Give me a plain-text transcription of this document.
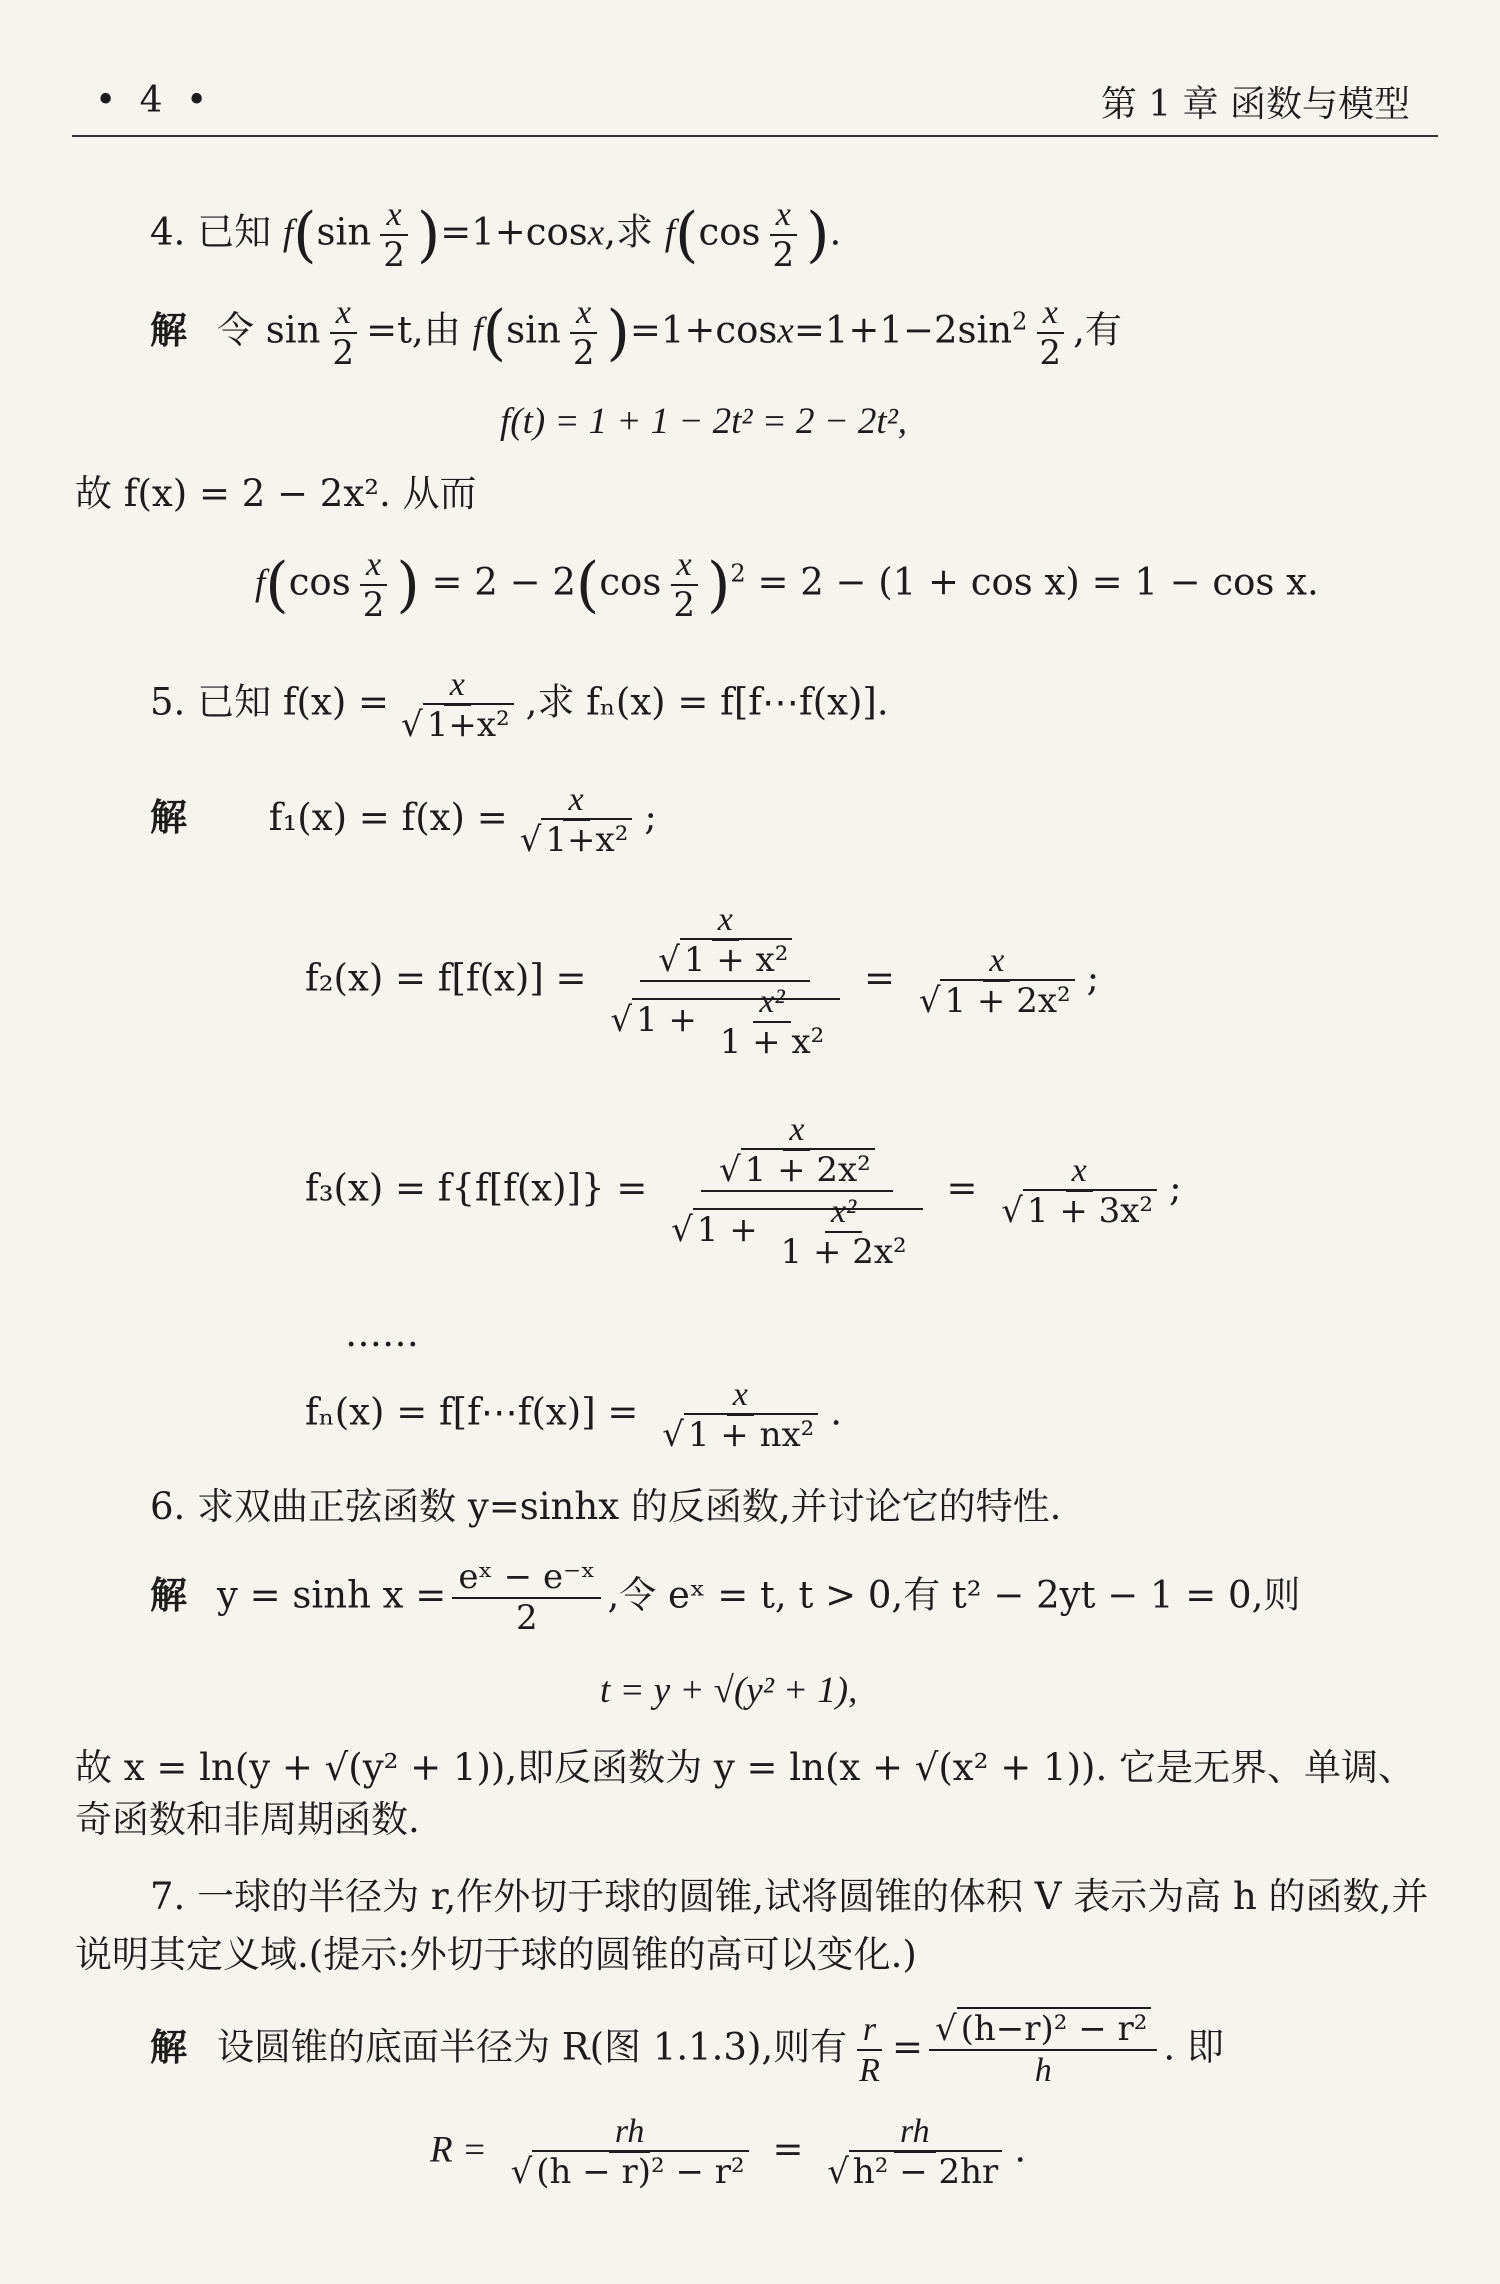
• 4 •	第 1 章 函数与模型
4. 已知 $f(\sin \frac{x}{2} )=1+\cos x$,求 $f(\cos \frac{x}{2}$ ).
解 令 $\sin \frac{x}{2} =t$,由 $f(\sin \frac{x}{2} )=1+\cos x=1+1-2\sin^2 \frac{x}{2}$ ,有
f(t) = 1 + 1 − 2t² = 2 − 2t²,
故 f(x) = 2 − 2x². 从而
$f(\cos \frac{x}{2}$ ) = $2 - 2(\cos \frac{x}{2} )^2 = 2 - (1 + \cos x) = 1 - \cos x$.
5. 已知 $f(x) = \frac{x}{\text{√ 1+x²}}$ ,求 fₙ(x) = f[f⋯f(x)].
解 $f_1(x) = f(x) = \frac{x}{\text{√ 1+x²}}$ ;
$f_2(x) = f[f(x)] = \frac{\frac{x}{\text{√ 1 + x²}}}{√ 1 + \frac{\text{x²}}{\text{1 + x²}}} = \frac{x}{\text{√ 1 + 2x²}}$ ;
$f_3(x) = f\{f[f(x)]\} = \frac{\frac{x}{\text{√ 1 + 2x²}}}{√ 1 + \frac{\text{x²}}{\text{1 + 2x²}}} = \frac{x}{\text{√ 1 + 3x²}}$ ;
……
fₙ(x) = f[f⋯f(x)] = $\frac{x}{\text{√ 1 + nx²}}$ .
6. 求双曲正弦函数 y=sinhx 的反函数,并讨论它的特性.
解 $y = \sinh x = \frac{\text{eˣ − e⁻ˣ}}{2}$ ,令 eˣ = t, t > 0,有 t² − 2yt − 1 = 0,则
t = y + √(y² + 1),
故 x = ln(y + √(y² + 1)),即反函数为 y = ln(x + √(x² + 1)). 它是无界、单调、奇函数和非周期函数.
7. 一球的半径为 r,作外切于球的圆锥,试将圆锥的体积 V 表示为高 h 的函数,并说明其定义域.(提示:外切于球的圆锥的高可以变化.)
解 设圆锥的底面半径为 R(图 1.1.3),则有 $\frac{r}{R} = \frac{\text{√ (h−r)² − r²}}{h}$ . 即
$R = \frac{rh}{\text{√ (h − r)² − r²}} = \frac{rh}{\text{√ h² − 2hr}}$ .
